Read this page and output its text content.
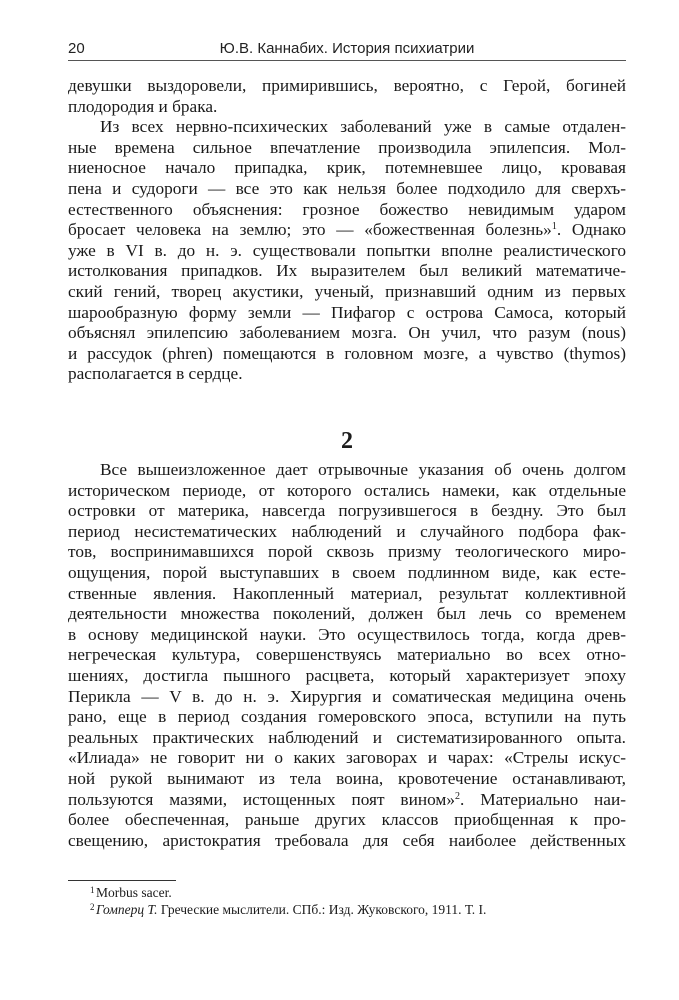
20	Ю.В. Каннабих. История психиатрии
девушки выздоровели, примирившись, вероятно, с Герой, богиней
плодородия и брака.
Из всех нервно-психических заболеваний уже в самые отдален-
ные времена сильное впечатление производила эпилепсия. Мол-
ниеносное начало припадка, крик, потемневшее лицо, кровавая
пена и судороги — все это как нельзя более подходило для сверхъ-
естественного объяснения: грозное божество невидимым ударом
бросает человека на землю; это — «божественная болезнь»$^1$. Однако
уже в VI в. до н. э. существовали попытки вполне реалистического
истолкования припадков. Их выразителем был великий математиче-
ский гений, творец акустики, ученый, признавший одним из первых
шарообразную форму земли — Пифагор с острова Самоса, который
объяснял эпилепсию заболеванием мозга. Он учил, что разум (nous)
и рассудок (phren) помещаются в головном мозге, а чувство (thymos)
располагается в сердце.
2
Все вышеизложенное дает отрывочные указания об очень долгом
историческом периоде, от которого остались намеки, как отдельные
островки от материка, навсегда погрузившегося в бездну. Это был
период несистематических наблюдений и случайного подбора фак-
тов, воспринимавшихся порой сквозь призму теологического миро-
ощущения, порой выступавших в своем подлинном виде, как есте-
ственные явления. Накопленный материал, результат коллективной
деятельности множества поколений, должен был лечь со временем
в основу медицинской науки. Это осуществилось тогда, когда древ-
негреческая культура, совершенствуясь материально во всех отно-
шениях, достигла пышного расцвета, который характеризует эпоху
Перикла — V в. до н. э. Хирургия и соматическая медицина очень
рано, еще в период создания гомеровского эпоса, вступили на путь
реальных практических наблюдений и систематизированного опыта.
«Илиада» не говорит ни о каких заговорах и чарах: «Стрелы искус-
ной рукой вынимают из тела воина, кровотечение останавливают,
пользуются мазями, истощенных поят вином»$^2$. Материально наи-
более обеспеченная, раньше других классов приобщенная к про-
свещению, аристократия требовала для себя наиболее действенных
1 Morbus sacer.
2 Гомперц Т. Греческие мыслители. СПб.: Изд. Жуковского, 1911. Т. I.
